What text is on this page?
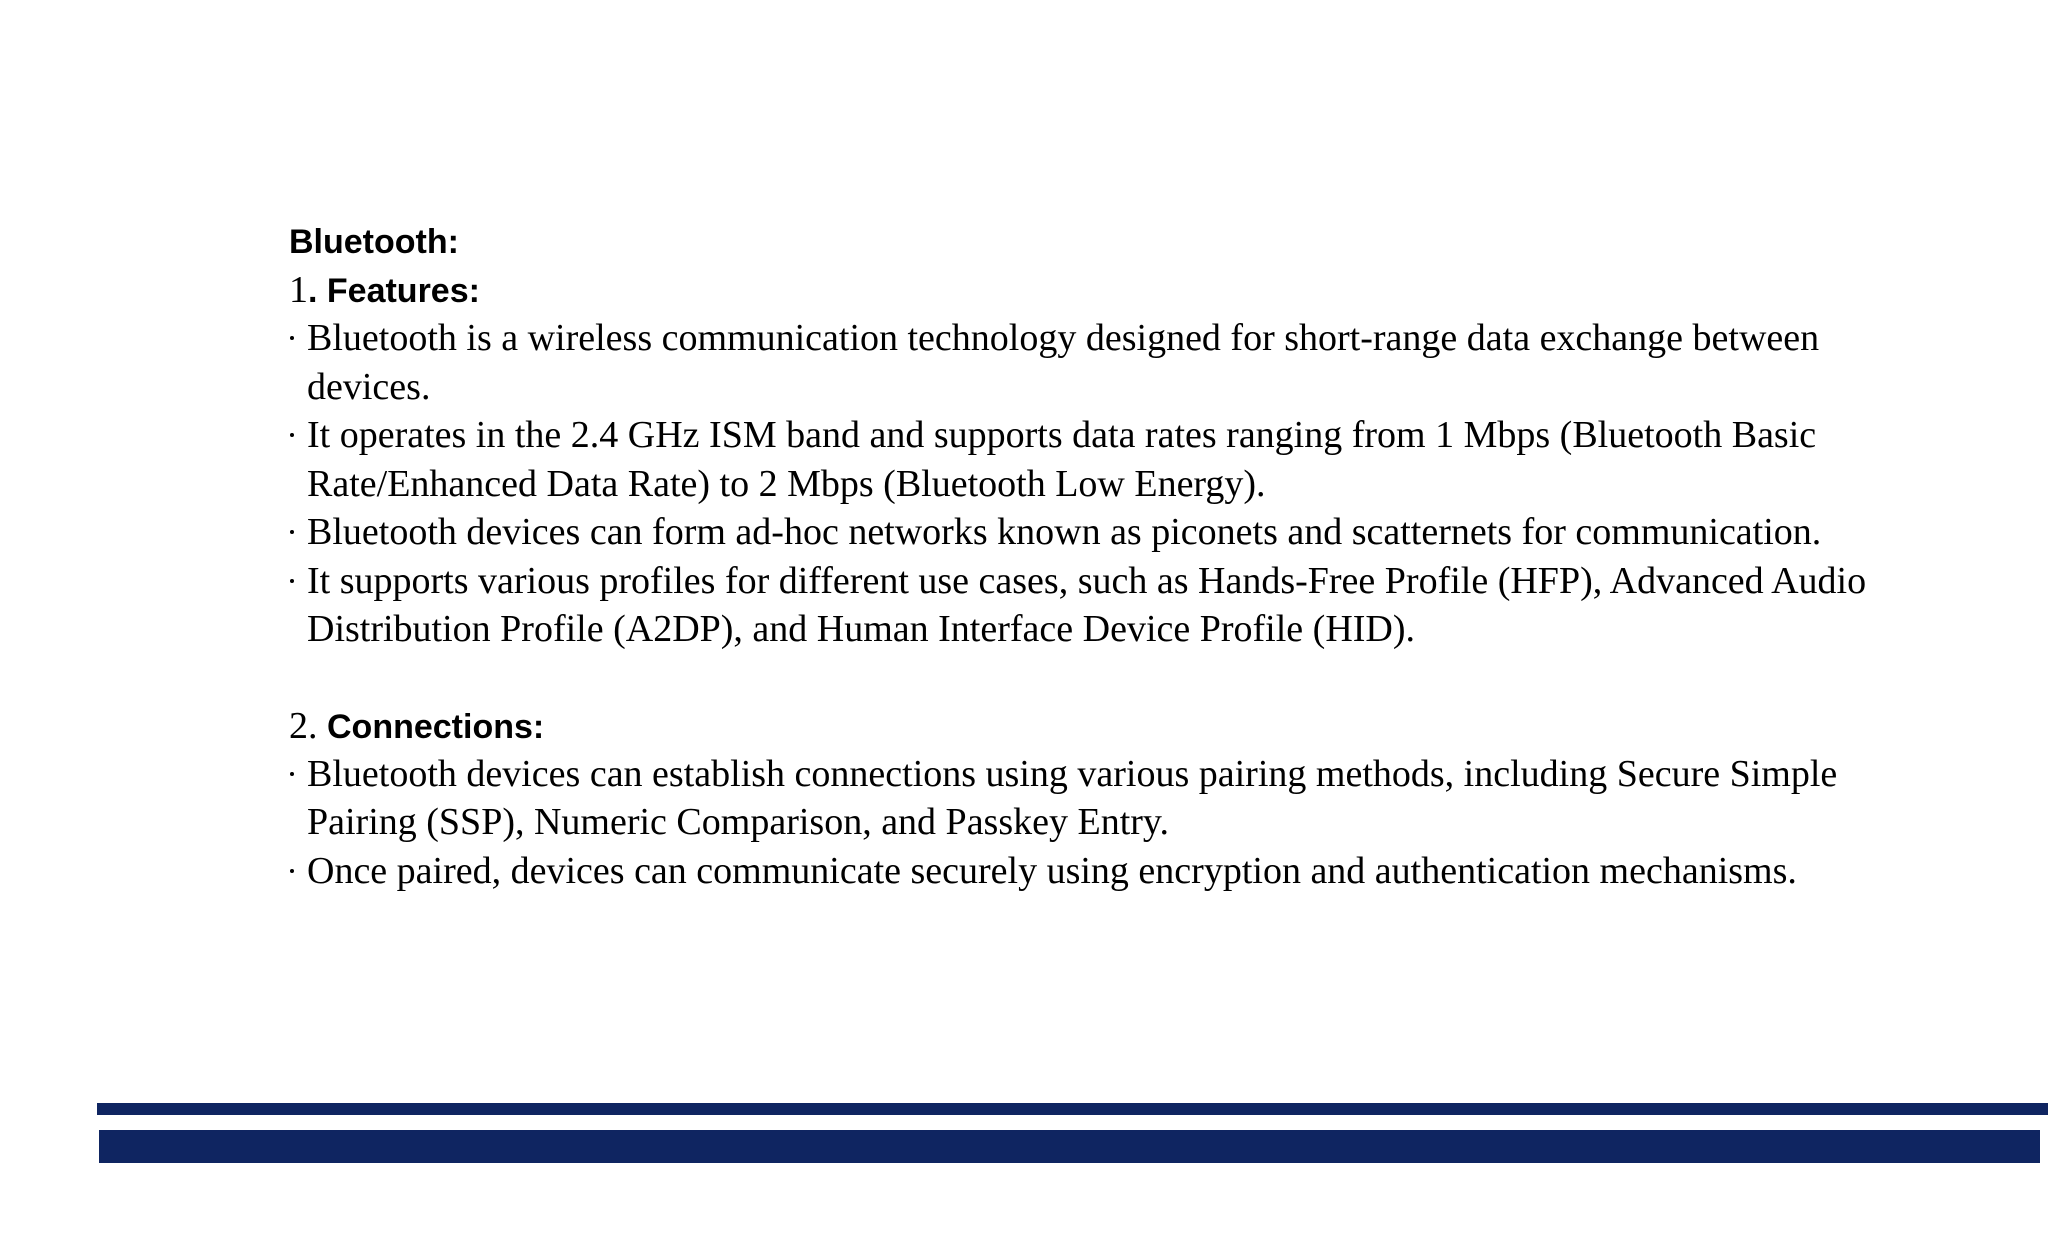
Bluetooth:
1. Features:
Bluetooth is a wireless communication technology designed for short-range data exchange between devices.
It operates in the 2.4 GHz ISM band and supports data rates ranging from 1 Mbps (Bluetooth Basic Rate/Enhanced Data Rate) to 2 Mbps (Bluetooth Low Energy).
Bluetooth devices can form ad-hoc networks known as piconets and scatternets for communication.
It supports various profiles for different use cases, such as Hands-Free Profile (HFP), Advanced Audio Distribution Profile (A2DP), and Human Interface Device Profile (HID).
2. Connections:
Bluetooth devices can establish connections using various pairing methods, including Secure Simple Pairing (SSP), Numeric Comparison, and Passkey Entry.
Once paired, devices can communicate securely using encryption and authentication mechanisms.
